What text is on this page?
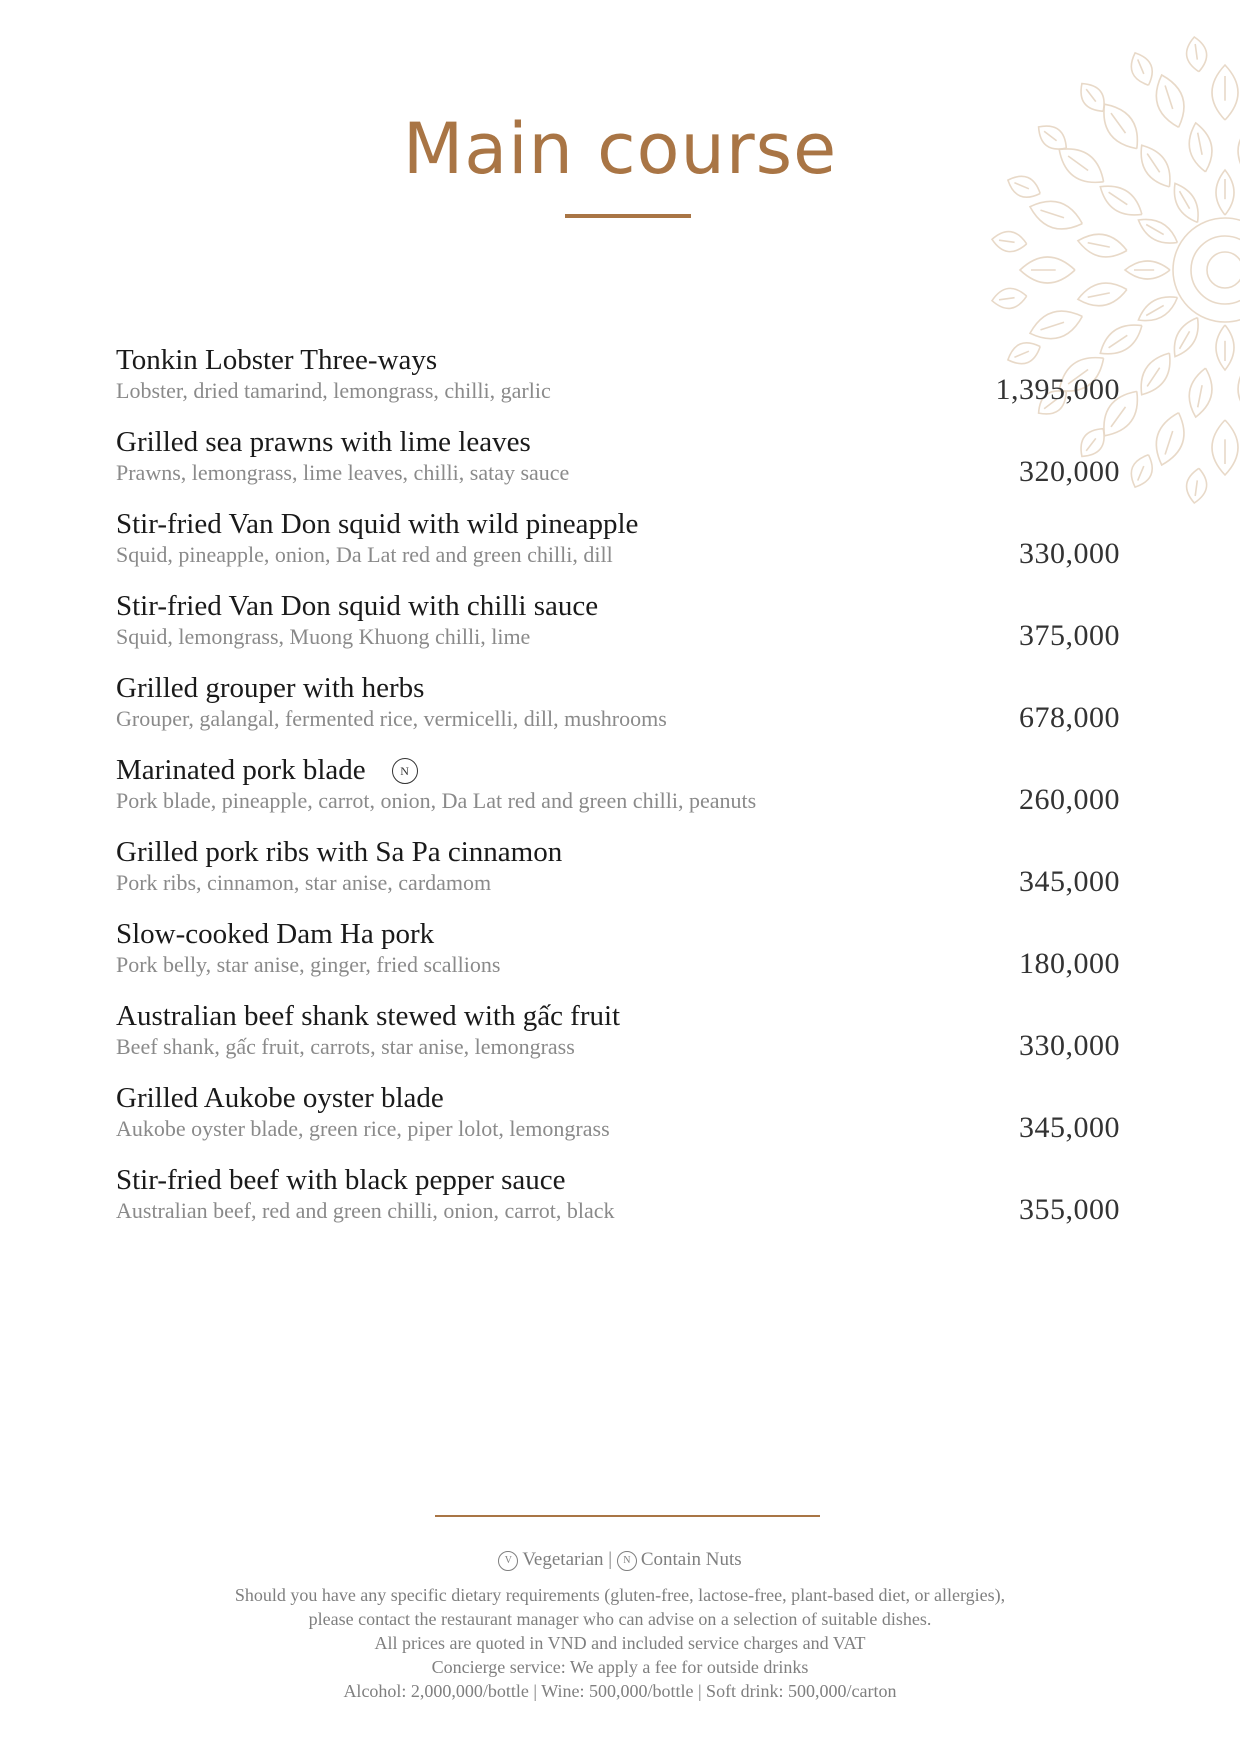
Main course
Tonkin Lobster Three-ways
Lobster, dried tamarind, lemongrass, chilli, garlic	1,395,000
Grilled sea prawns with lime leaves
Prawns, lemongrass, lime leaves, chilli, satay sauce	320,000
Stir-fried Van Don squid with wild pineapple
Squid, pineapple, onion, Da Lat red and green chilli, dill	330,000
Stir-fried Van Don squid with chilli sauce
Squid, lemongrass, Muong Khuong chilli, lime	375,000
Grilled grouper with herbs
Grouper, galangal, fermented rice, vermicelli, dill, mushrooms	678,000
Marinated pork blade	N
Pork blade, pineapple, carrot, onion, Da Lat red and green chilli, peanuts	260,000
Grilled pork ribs with Sa Pa cinnamon
Pork ribs, cinnamon, star anise, cardamom	345,000
Slow-cooked Dam Ha pork
Pork belly, star anise, ginger, fried scallions	180,000
Australian beef shank stewed with gấc fruit
Beef shank, gấc fruit, carrots, star anise, lemongrass	330,000
Grilled Aukobe oyster blade
Aukobe oyster blade, green rice, piper lolot, lemongrass	345,000
Stir-fried beef with black pepper sauce
Australian beef, red and green chilli, onion, carrot, black	355,000
V Vegetarian | N Contain Nuts
Should you have any specific dietary requirements (gluten-free, lactose-free, plant-based diet, or allergies),
please contact the restaurant manager who can advise on a selection of suitable dishes.
All prices are quoted in VND and included service charges and VAT
Concierge service: We apply a fee for outside drinks
Alcohol: 2,000,000/bottle | Wine: 500,000/bottle | Soft drink: 500,000/carton
